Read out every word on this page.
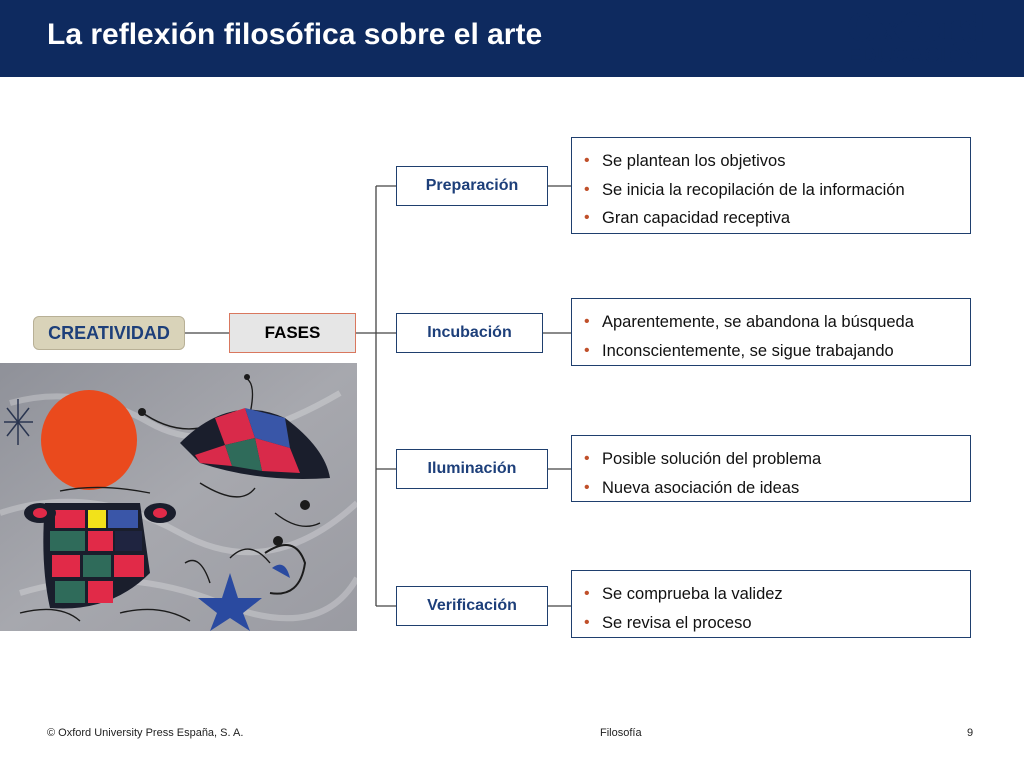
La reflexión filosófica sobre el arte	Oxford
EDUCACIÓN
CREATIVIDAD	FASES
Preparación
Incubación
Iluminación
Verificación
• Se plantean los objetivos
• Se inicia la recopilación de la información
• Gran capacidad receptiva
• Aparentemente, se abandona la búsqueda
• Inconscientemente, se sigue trabajando
• Posible solución del problema
• Nueva asociación de ideas
• Se comprueba la validez
• Se revisa el proceso
© Oxford University Press España, S. A.	Filosofía	9
